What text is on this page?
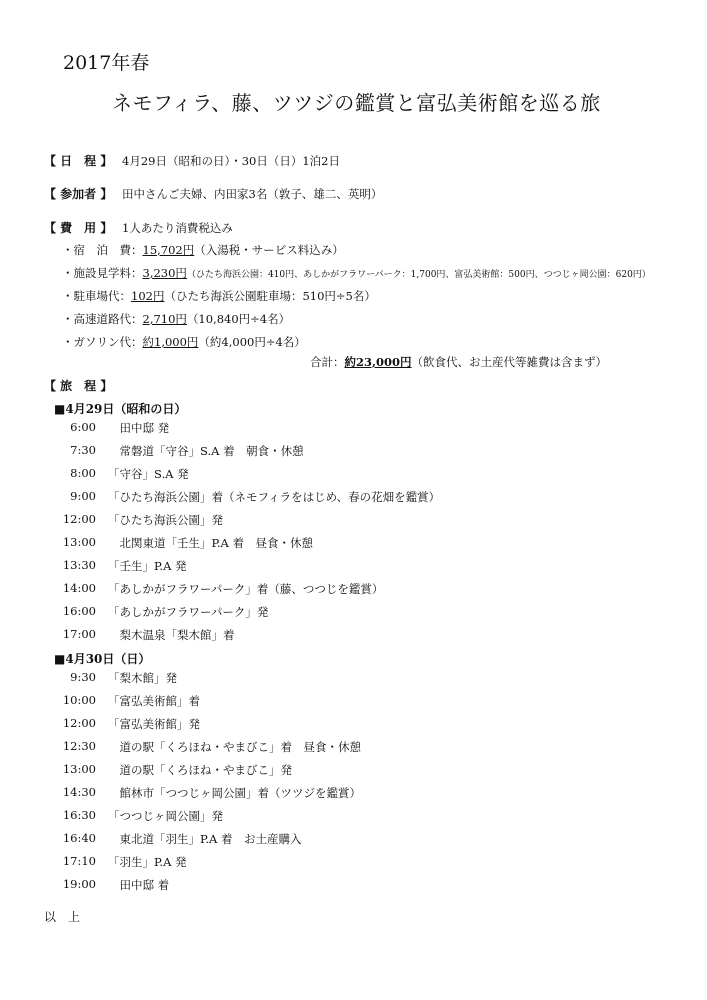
2017年春
ネモフィラ、藤、ツツジの鑑賞と富弘美術館を巡る旅
【 日　程 】 4月29日（昭和の日）・30日（日）1泊2日
【 参加者 】 田中さんご夫婦、内田家3名（敦子、雄二、英明）
【 費　用 】 1人あたり消費税込み
・宿　泊　費：15,702円（入湯税・サービス料込み）
・施設見学料：3,230円（ひたち海浜公園：410円、あしかがフラワーパーク：1,700円、富弘美術館：500円、つつじヶ岡公園：620円）
・駐車場代：102円（ひたち海浜公園駐車場：510円÷5名）
・高速道路代：2,710円（10,840円÷4名）
・ガソリン代：約1,000円（約4,000円÷4名）
合計：約23,000円（飲食代、お土産代等雑費は含まず）
【 旅　程 】
■4月29日（昭和の日）
6:00 　田中邸 発
7:30 　常磐道「守谷」S.A 着　朝食・休憩
8:00 「守谷」S.A 発
9:00 「ひたち海浜公園」着（ネモフィラをはじめ、春の花畑を鑑賞）
12:00 「ひたち海浜公園」発
13:00 　北関東道「壬生」P.A 着　昼食・休憩
13:30 「壬生」P.A 発
14:00 「あしかがフラワーパーク」着（藤、つつじを鑑賞）
16:00 「あしかがフラワーパーク」発
17:00 　梨木温泉「梨木館」着
■4月30日（日）
9:30 「梨木館」発
10:00 「富弘美術館」着
12:00 「富弘美術館」発
12:30 　道の駅「くろほね・やまびこ」着　昼食・休憩
13:00 　道の駅「くろほね・やまびこ」発
14:30 　館林市「つつじヶ岡公園」着（ツツジを鑑賞）
16:30 「つつじヶ岡公園」発
16:40 　東北道「羽生」P.A 着　お土産購入
17:10 「羽生」P.A 発
19:00 　田中邸 着
以　上
